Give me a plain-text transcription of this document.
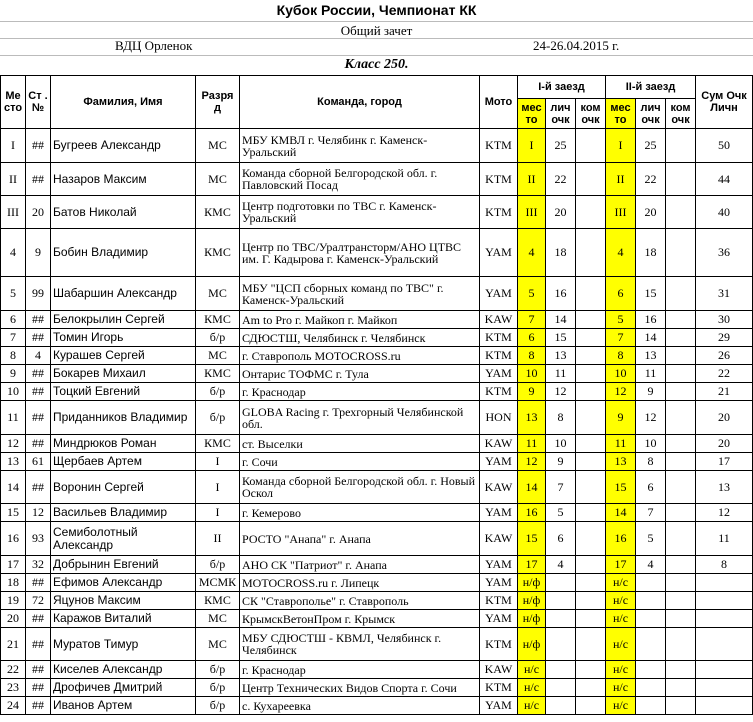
Кубок России, Чемпионат КК
Общий зачет
ВДЦ Орленок	24-26.04.2015 г.
Класс 250.
Ме сто	Ст . №	Фамилия, Имя	Разря д	Команда, город	Мото	I-й заезд			II-й заезд			Сум Очк Личн
						мес то	лич очк	ком очк	мес то	лич очк	ком очк	
I	##	Бугреев Александр	МС	МБУ КМВЛ г. Челябинк г. Каменск-Уральский	KTM	I	25		I	25		50
II	##	Назаров Максим	МС	Команда сборной Белгородской обл. г. Павловский Посад	KTM	II	22		II	22		44
III	20	Батов Николай	КМС	Центр подготовки по ТВС г. Каменск-Уральский	KTM	III	20		III	20		40
4	9	Бобин Владимир	КМС	Центр по ТВС/Уралтрансторм/АНО ЦТВС им. Г. Кадырова г. Каменск-Уральский	YAM	4	18		4	18		36
5	99	Шабаршин Александр	МС	МБУ "ЦСП сборных команд по ТВС" г. Каменск-Уральский	YAM	5	16		6	15		31
6	##	Белокрылин Сергей	КМС	Am to Pro г. Майкоп г. Майкоп	KAW	7	14		5	16		30
7	##	Томин Игорь	б/р	СДЮСТШ, Челябинск г. Челябинск	KTM	6	15		7	14		29
8	4	Курашев Сергей	МС	г. Ставрополь MOTOCROSS.ru	KTM	8	13		8	13		26
9	##	Бокарев Михаил	КМС	Онтарис ТОФМС г. Тула	YAM	10	11		10	11		22
10	##	Тоцкий Евгений	б/р	г. Краснодар	KTM	9	12		12	9		21
11	##	Приданников Владимир	б/р	GLOBA Racing г. Трехгорный Челябинской обл.	HON	13	8		9	12		20
12	##	Миндрюков Роман	КМС	ст. Выселки	KAW	11	10		11	10		20
13	61	Щербаев Артем	I	г. Сочи	YAM	12	9		13	8		17
14	##	Воронин Сергей	I	Команда сборной Белгородской обл. г. Новый Оскол	KAW	14	7		15	6		13
15	12	Васильев Владимир	I	г. Кемерово	YAM	16	5		14	7		12
16	93	Семиболотный Александр	II	РОСТО "Анапа" г. Анапа	KAW	15	6		16	5		11
17	32	Добрынин Евгений	б/р	АНО СК "Патриот" г. Анапа	YAM	17	4		17	4		8
18	##	Ефимов Александр	МСМК	MOTOCROSS.ru г. Липецк	YAM	н/ф			н/с			
19	72	Яцунов Максим	КМС	СК "Ставрополье" г. Ставрополь	KTM	н/ф			н/с			
20	##	Каражов Виталий	МС	КрымскВетонПром г. Крымск	YAM	н/ф			н/с			
21	##	Муратов Тимур	МС	МБУ СДЮСТШ - КВМЛ, Челябинск г. Челябинск	KTM	н/ф			н/с			
22	##	Киселев Александр	б/р	г. Краснодар	KAW	н/с			н/с			
23	##	Дрофичев Дмитрий	б/р	Центр Технических Видов Спорта г. Сочи	KTM	н/с			н/с			
24	##	Иванов Артем	б/р	с. Кухареевка	YAM	н/с			н/с			
